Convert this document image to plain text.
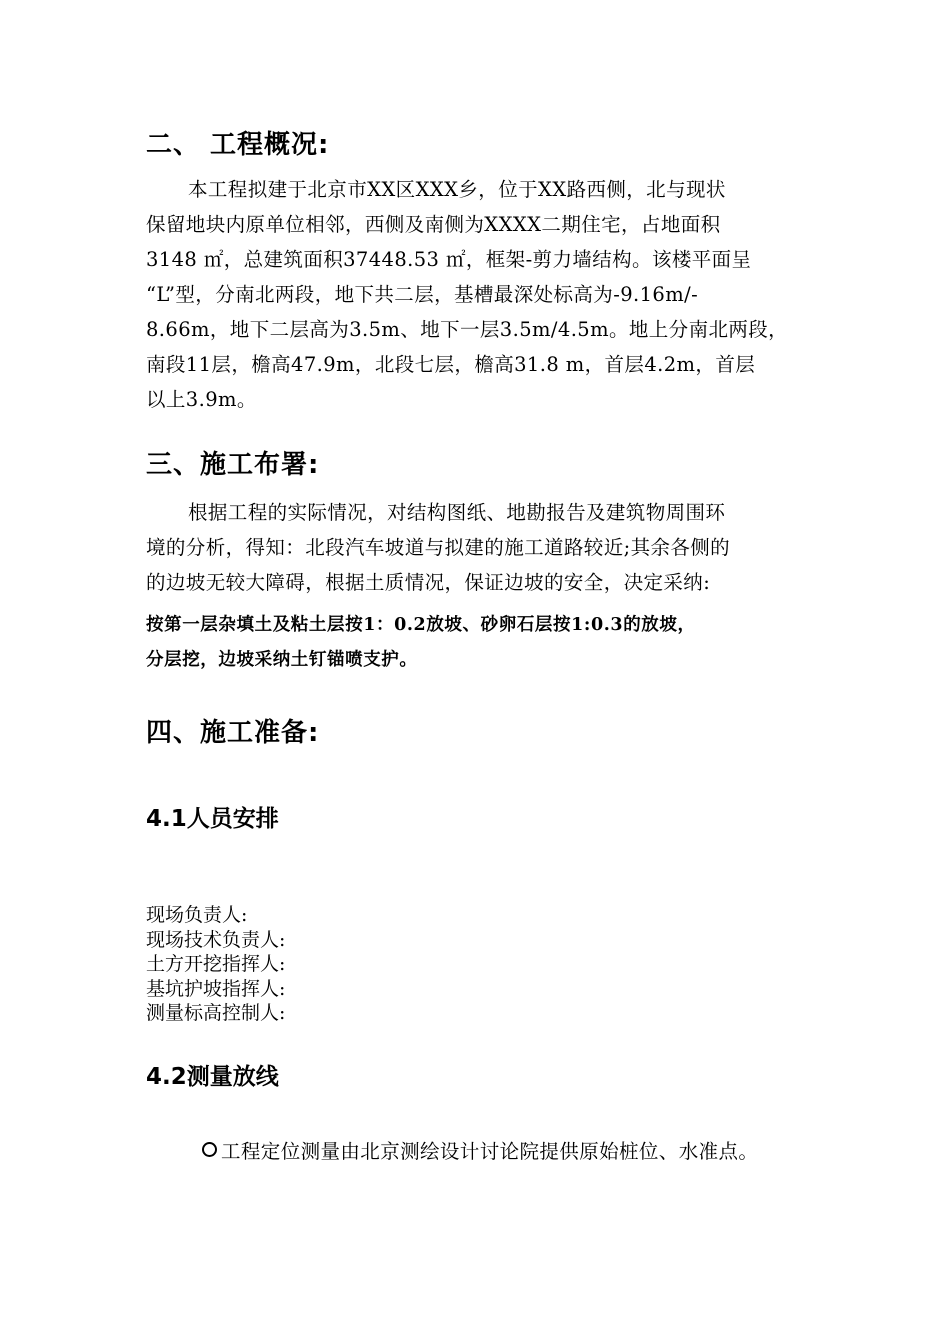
二、 工程概况:
本工程拟建于北京市XX区XXX乡，位于XX路西侧，北与现状
保留地块内原单位相邻，西侧及南侧为XXXX二期住宅，占地面积
3148 ㎡，总建筑面积37448.53 ㎡，框架-剪力墙结构。该楼平面呈
“L”型，分南北两段，地下共二层，基槽最深处标高为-9.16m/-
8.66m，地下二层高为3.5m、地下一层3.5m/4.5m。地上分南北两段，
南段11层，檐高47.9m，北段七层，檐高31.8 m，首层4.2m，首层
以上3.9m。
三、施工布署:
根据工程的实际情况，对结构图纸、地勘报告及建筑物周围环
境的分析，得知：北段汽车坡道与拟建的施工道路较近;其余各侧的
的边坡无较大障碍，根据土质情况，保证边坡的安全，决定采纳:
按第一层杂填土及粘土层按1：0.2放坡、砂卵石层按1:0.3的放坡，
分层挖，边坡采纳土钉锚喷支护。
四、施工准备:
4.1人员安排
现场负责人:
现场技术负责人:
土方开挖指挥人:
基坑护坡指挥人:
测量标高控制人:
4.2测量放线
工程定位测量由北京测绘设计讨论院提供原始桩位、水准点。
